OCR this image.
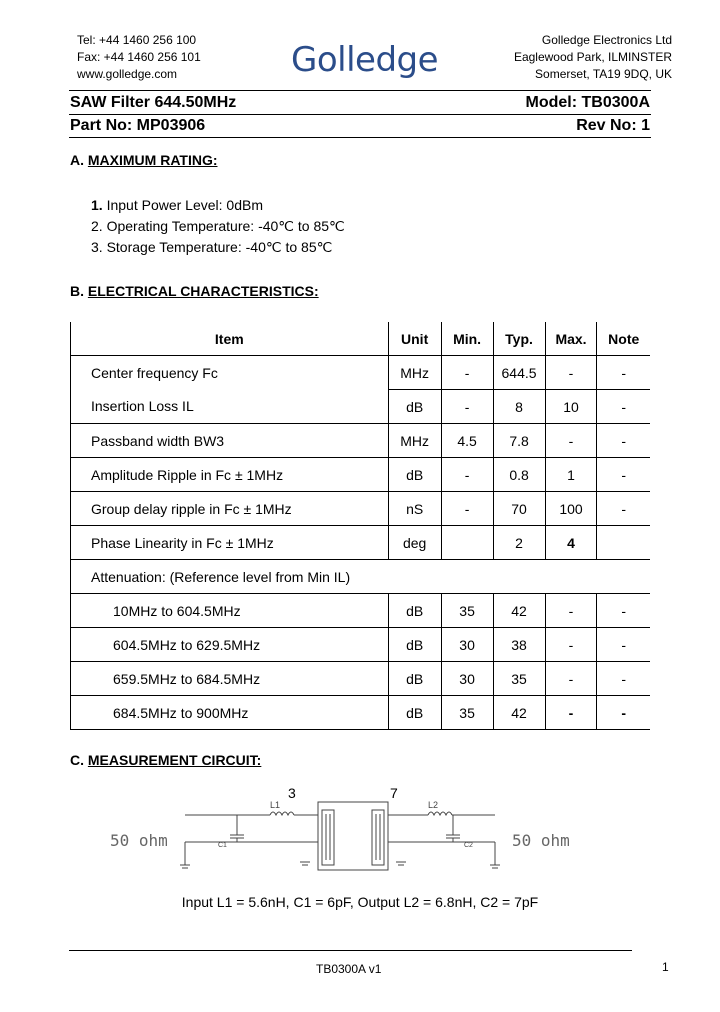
Tel: +44 1460 256 100
Fax: +44 1460 256 101
www.golledge.com	Golledge	Golledge Electronics Ltd
Eaglewood Park, ILMINSTER
Somerset, TA19 9DQ, UK
SAW Filter 644.50MHz	Model: TB0300A
Part No: MP03906	Rev No: 1
A. MAXIMUM RATING:
1. Input Power Level: 0dBm
2. Operating Temperature: -40℃ to 85℃
3. Storage Temperature: -40℃ to 85℃
B. ELECTRICAL CHARACTERISTICS:
Item	Unit	Min.	Typ.	Max.	Note
Center frequency Fc	MHz	-	644.5	-	-
Insertion Loss IL	dB	-	8	10	-
Passband width BW3	MHz	4.5	7.8	-	-
Amplitude Ripple in Fc ± 1MHz	dB	-	0.8	1	-
Group delay ripple in Fc ± 1MHz	nS	-	70	100	-
Phase Linearity in Fc ± 1MHz	deg		2	4	
Attenuation: (Reference level from Min IL)					
10MHz to 604.5MHz	dB	35	42	-	-
604.5MHz to 629.5MHz	dB	30	38	-	-
659.5MHz to 684.5MHz	dB	30	35	-	-
684.5MHz to 900MHz	dB	35	42	-	-
C. MEASUREMENT CIRCUIT:
3	7
L1	L2
C1	C2
50 ohm	50 ohm
Input L1 = 5.6nH, C1 = 6pF, Output L2 = 6.8nH, C2 = 7pF
TB0300A v1	1
